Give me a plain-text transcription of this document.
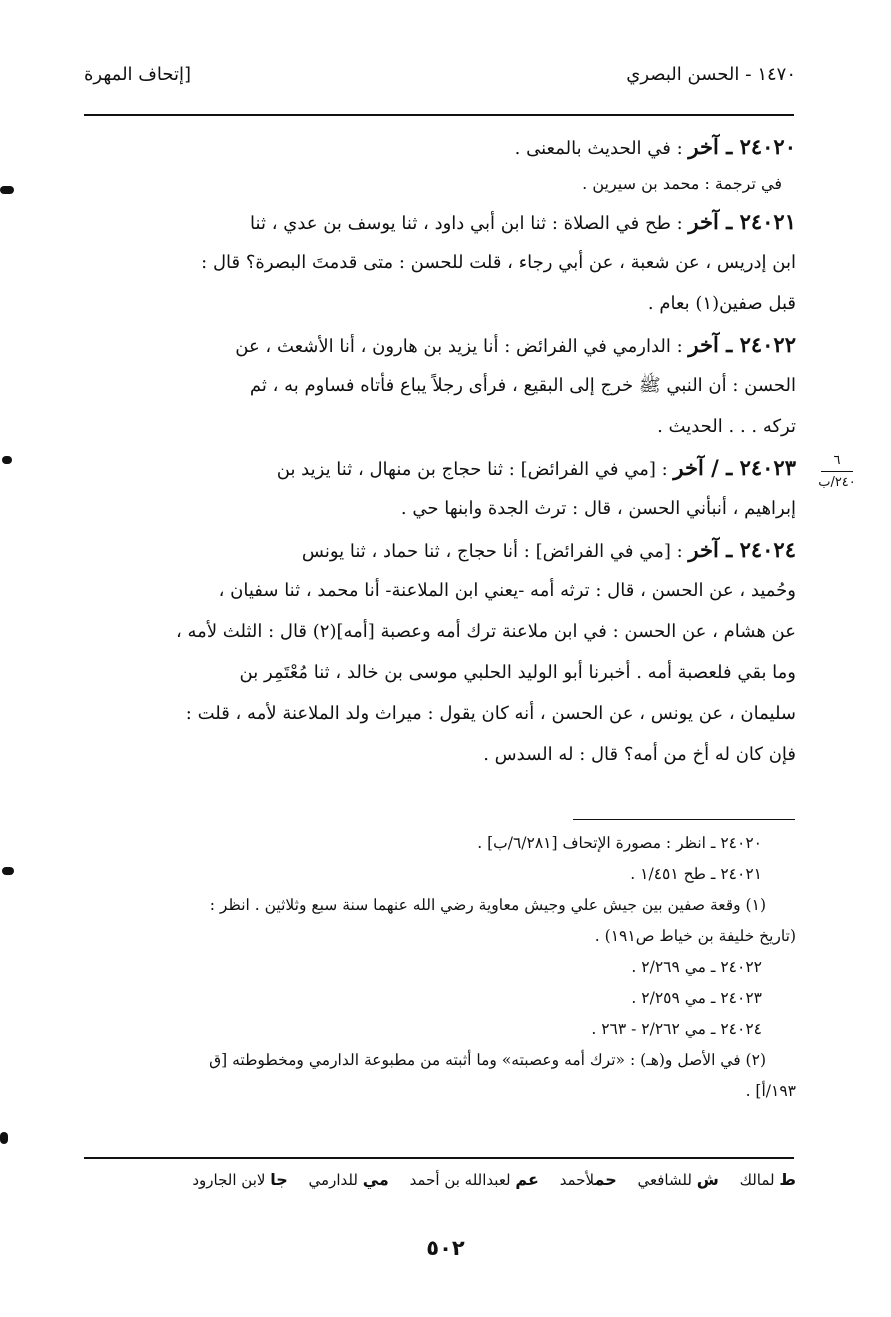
١٤٧٠ - الحسن البصري
[إتحاف المهرة
٦
٢٤٠/ب
٢٤٠٢٠ ـ آخر : في الحديث بالمعنى .
في ترجمة : محمد بن سيرين .
٢٤٠٢١ ـ آخر : طح في الصلاة : ثنا ابن أبي داود ، ثنا يوسف بن عدي ، ثنا
ابن إدريس ، عن شعبة ، عن أبي رجاء ، قلت للحسن : متى قدمتَ البصرة؟ قال :
قبل صفين(١) بعام .
٢٤٠٢٢ ـ آخر : الدارمي في الفرائض : أنا يزيد بن هارون ، أنا الأشعث ، عن
الحسن : أن النبي ﷺ خرج إلى البقيع ، فرأى رجلاً يباع فأتاه فساوم به ، ثم
تركه . . . الحديث .
٢٤٠٢٣ ـ / آخر : [مي في الفرائض] : ثنا حجاج بن منهال ، ثنا يزيد بن
إبراهيم ، أنبأني الحسن ، قال : ترث الجدة وابنها حي .
٢٤٠٢٤ ـ آخر : [مي في الفرائض] : أنا حجاج ، ثنا حماد ، ثنا يونس
وحُميد ، عن الحسن ، قال : ترثه أمه -يعني ابن الملاعنة- أنا محمد ، ثنا سفيان ،
عن هشام ، عن الحسن : في ابن ملاعنة ترك أمه وعصبة [أمه](٢) قال : الثلث لأمه ،
وما بقي فلعصبة أمه . أخبرنا أبو الوليد الحلبي موسى بن خالد ، ثنا مُعْتَمِر بن
سليمان ، عن يونس ، عن الحسن ، أنه كان يقول : ميراث ولد الملاعنة لأمه ، قلت :
فإن كان له أخ من أمه؟ قال : له السدس .
٢٤٠٢٠ ـ انظر : مصورة الإتحاف [٦/٢٨١/ب] .
٢٤٠٢١ ـ طح ١/٤٥١ .
(١) وقعة صفين بين جيش علي وجيش معاوية رضي الله عنهما سنة سبع وثلاثين . انظر :
(تاريخ خليفة بن خياط ص١٩١) .
٢٤٠٢٢ ـ مي ٢/٢٦٩ .
٢٤٠٢٣ ـ مي ٢/٢٥٩ .
٢٤٠٢٤ ـ مي ٢/٢٦٢ - ٢٦٣ .
(٢) في الأصل و(هـ) : «ترك أمه وعصبته» وما أثبته من مطبوعة الدارمي ومخطوطته [ق
١٩٣/أ] .
ط لمالك ش للشافعي حملأحمد عم لعبدالله بن أحمد مي للدارمي جا لابن الجارود
٥٠٢
